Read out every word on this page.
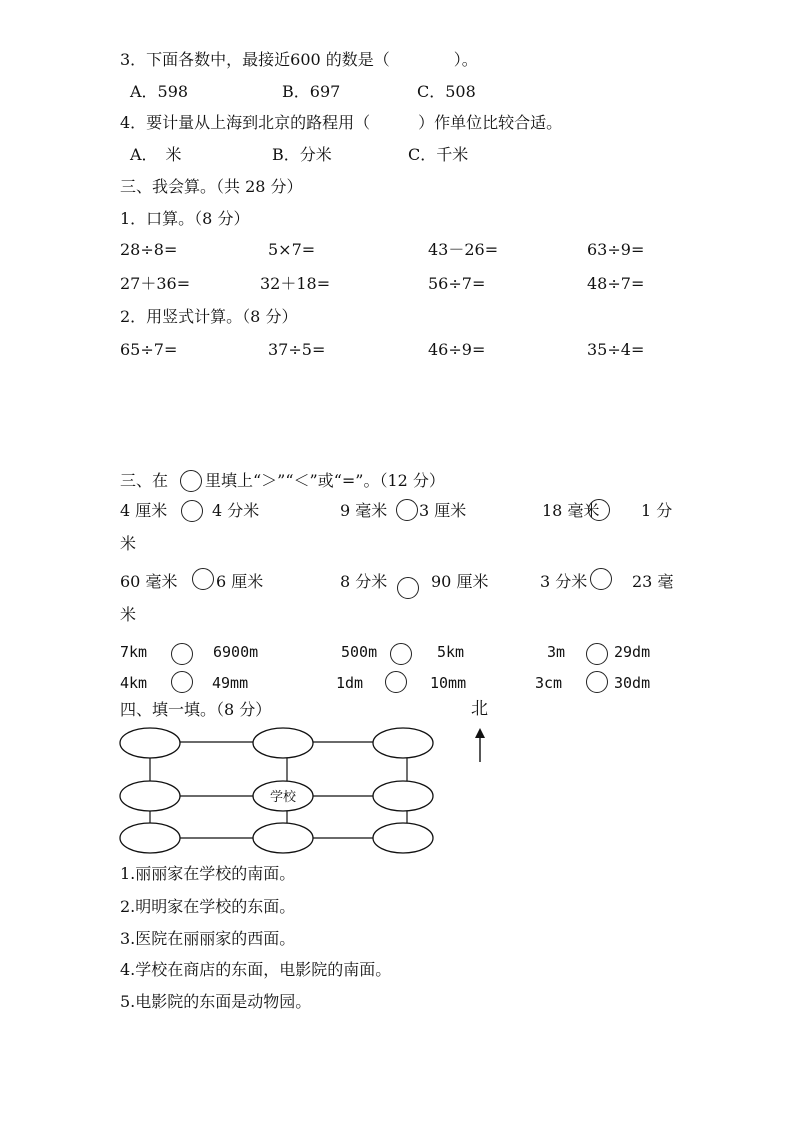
3．下面各数中，最接近600 的数是（　　　　）。
A．598	B．697	C．508
4．要计量从上海到北京的路程用（　　　）作单位比较合适。
A．　米	B．分米	C．千米
三、我会算。（共 28 分）
1．口算。（8 分）
28÷8=	5×7=	43－26=	63÷9=
27＋36=	32＋18=	56÷7=	48÷7=
2．用竖式计算。（8 分）
65÷7=	37÷5=	46÷9=	35÷4=
三、在 里填上“＞”“＜”或“=”。（12 分）
4 厘米	4 分米	9 毫米 3 厘米	18 毫米	1 分
米
60 毫米 6 厘米	8 分米	90 厘米	3 分米	23 毫
米
7km	6900m	500m	5km	3m	29dm
4km	49mm	1dm	10mm	3cm	30dm
四、填一填。（8 分）	北
学校
1.丽丽家在学校的南面。
2.明明家在学校的东面。
3.医院在丽丽家的西面。
4.学校在商店的东面，电影院的南面。
5.电影院的东面是动物园。
